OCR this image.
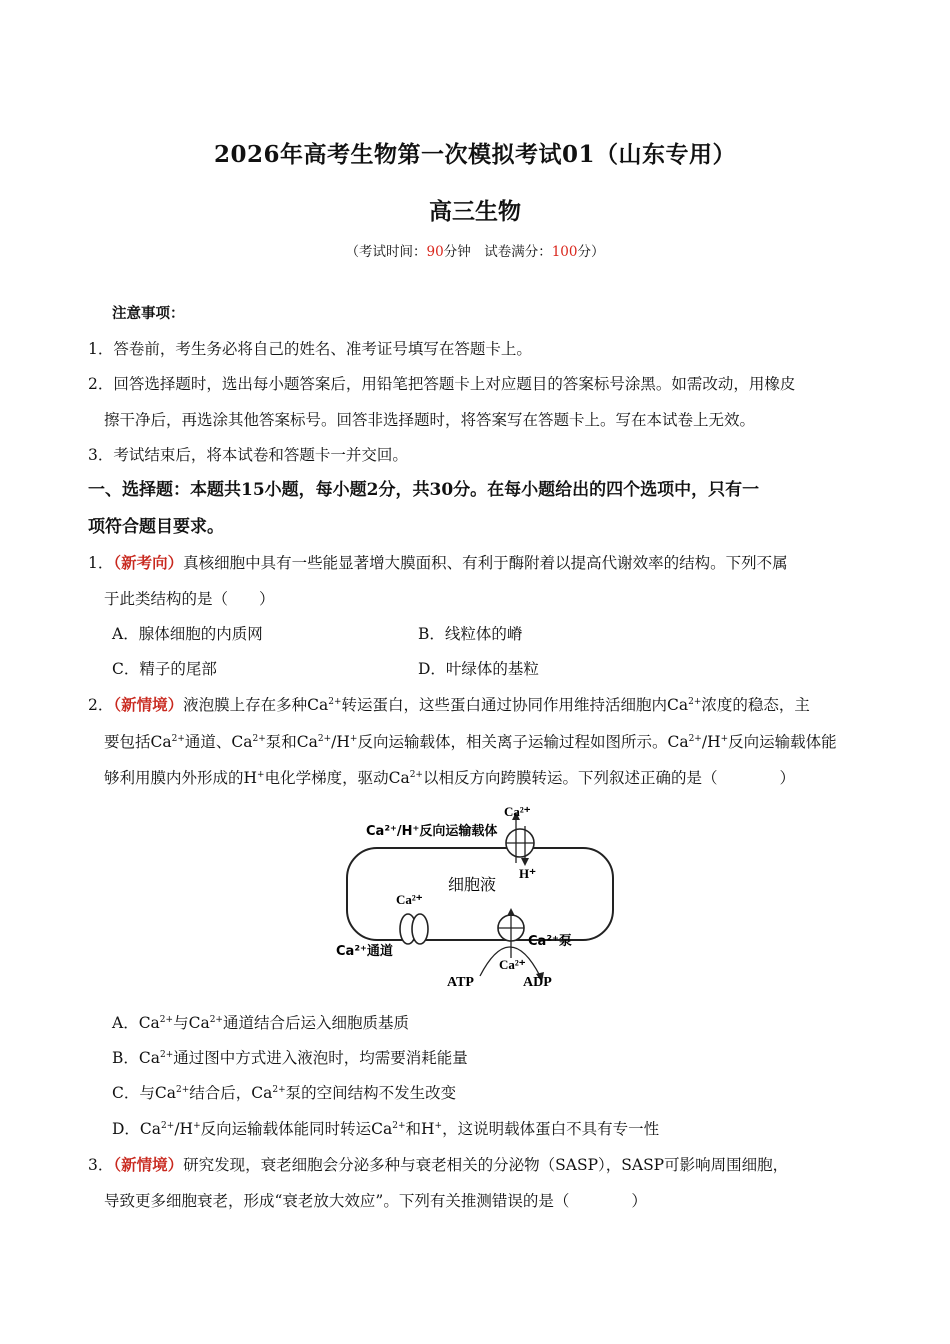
2026年高考生物第一次模拟考试01（山东专用）
高三生物
（考试时间：90分钟　试卷满分：100分）
注意事项：
1．答卷前，考生务必将自己的姓名、准考证号填写在答题卡上。
2．回答选择题时，选出每小题答案后，用铅笔把答题卡上对应题目的答案标号涂黑。如需改动，用橡皮
擦干净后，再选涂其他答案标号。回答非选择题时，将答案写在答题卡上。写在本试卷上无效。
3．考试结束后，将本试卷和答题卡一并交回。
一、选择题：本题共15小题，每小题2分，共30分。在每小题给出的四个选项中，只有一
项符合题目要求。
1．（新考向）真核细胞中具有一些能显著增大膜面积、有利于酶附着以提高代谢效率的结构。下列不属
于此类结构的是（　　）
A．腺体细胞的内质网	B．线粒体的嵴
C．精子的尾部	D．叶绿体的基粒
2．（新情境）液泡膜上存在多种$Ca^{2+}$转运蛋白，这些蛋白通过协同作用维持活细胞内$Ca^{2+}$浓度的稳态，主
要包括$Ca^{2+}$通道、$Ca^{2+}$泵和$Ca^{2+}/H^+$反向运输载体，相关离子运输过程如图所示。$Ca^{2+}/H^+$反向运输载体能
够利用膜内外形成的H+电化学梯度，驱动$Ca^{2+}$以相反方向跨膜转运。下列叙述正确的是（　　　　）
Ca²⁺
H⁺
Ca²⁺/H⁺反向运输载体
细胞液
Ca²⁺
Ca²⁺通道
Ca²⁺泵
Ca²⁺
ATP	ADP
A．$Ca^{2+}$与$Ca^{2+}$通道结合后运入细胞质基质
B．$Ca^{2+}$通过图中方式进入液泡时，均需要消耗能量
C．与$Ca^{2+}$结合后，$Ca^{2+}$泵的空间结构不发生改变
D．$Ca^{2+}/H^+$反向运输载体能同时转运$Ca^{2+}$和H+，这说明载体蛋白不具有专一性
3．（新情境）研究发现，衰老细胞会分泌多种与衰老相关的分泌物（SASP），SASP可影响周围细胞，
导致更多细胞衰老，形成“衰老放大效应”。下列有关推测错误的是（　　　　）
